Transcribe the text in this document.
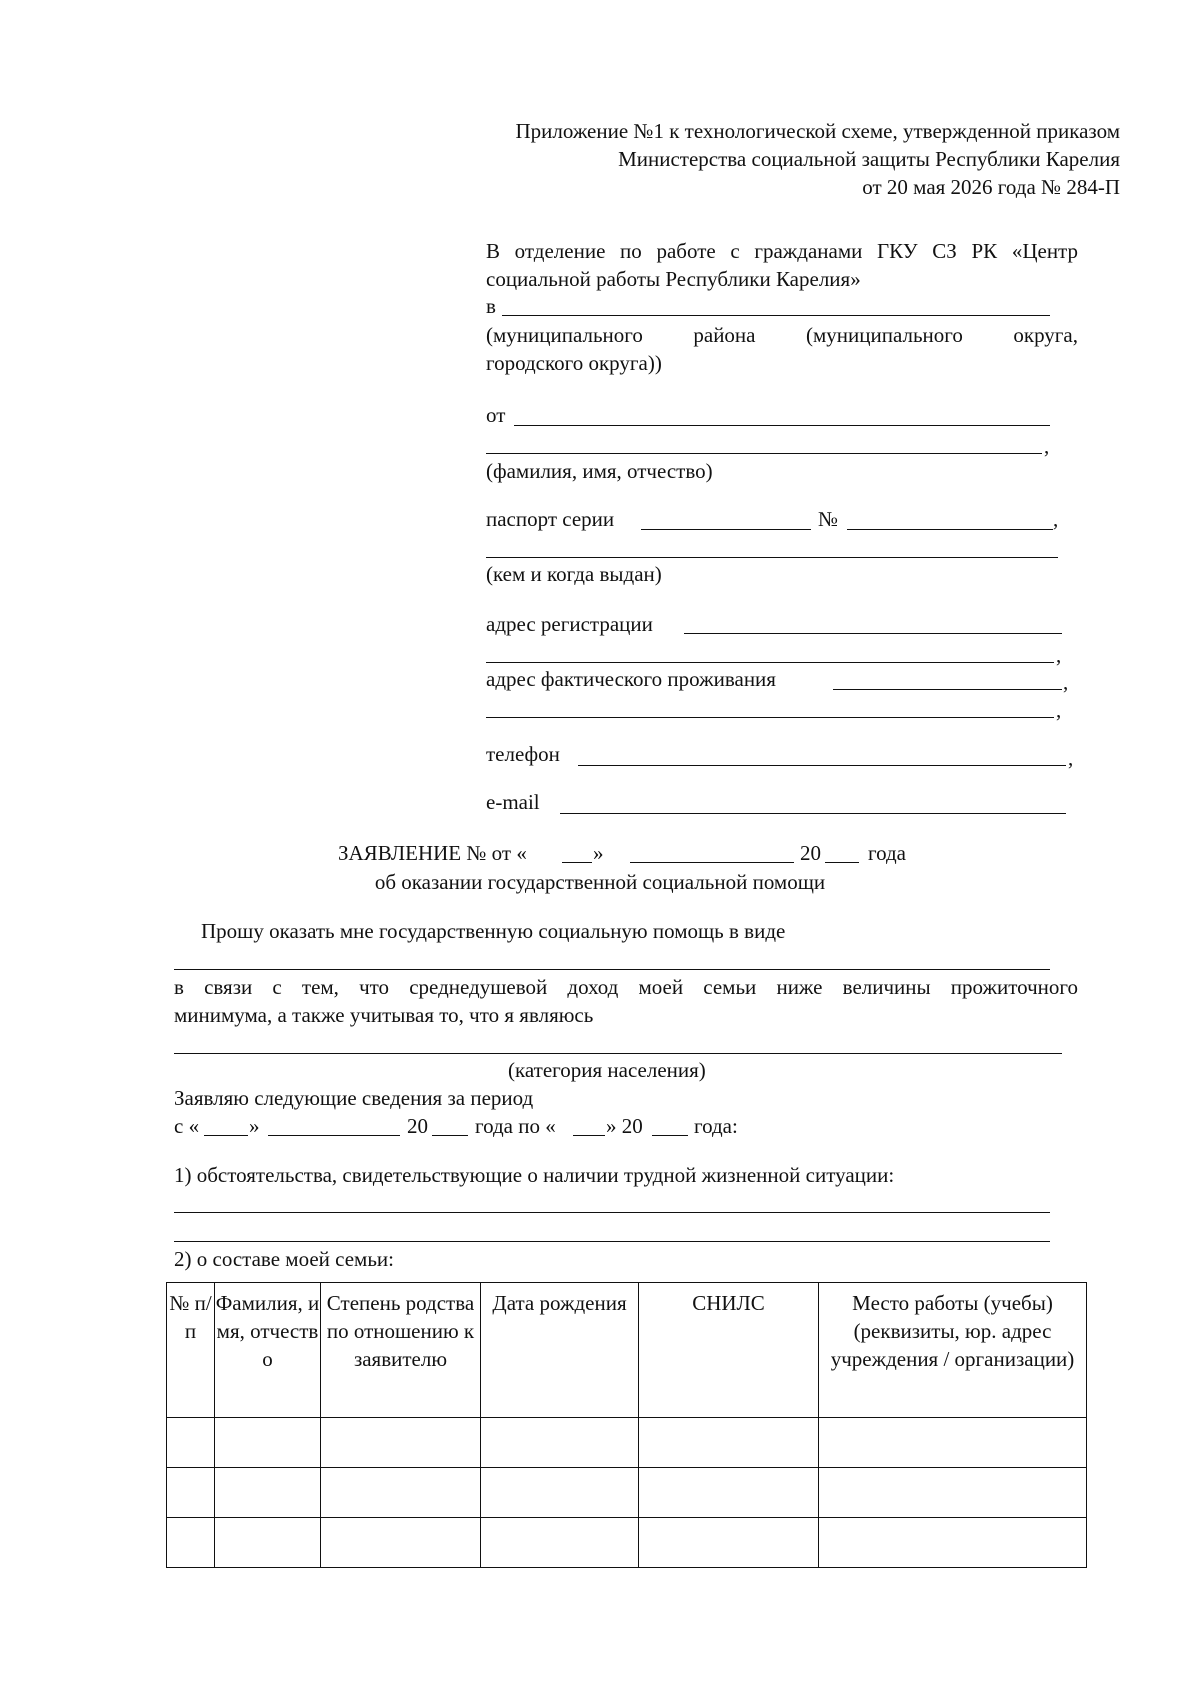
Приложение №1 к технологической схеме, утвержденной приказом
Министерства социальной защиты Республики Карелия
от 20 мая 2026 года № 284-П
В отделение по работе с гражданами ГКУ СЗ РК «Центр
социальной работы Республики Карелия»
в
(муниципального района (муниципального округа,
городского округа))
от
,
(фамилия, имя, отчество)
паспорт серии	№	,
(кем и когда выдан)
адрес регистрации
,
адрес фактического проживания	,
,
телефон	,
e-mail
ЗАЯВЛЕНИЕ № от «	»	20 года
об оказании государственной социальной помощи
Прошу оказать мне государственную социальную помощь в виде
в связи с тем, что среднедушевой доход моей семьи ниже величины прожиточного
минимума, а также учитывая то, что я являюсь
(категория населения)
Заявляю следующие сведения за период
с « »	20 года по « » 20 года:
1) обстоятельства, свидетельствующие о наличии трудной жизненной ситуации:
2) о составе моей семьи:
№ п/п	Фамилия, имя, отчество	Степень родства по отношению к заявителю	Дата рождения	СНИЛС	Место работы (учебы) (реквизиты, юр. адрес учреждения / организации)
